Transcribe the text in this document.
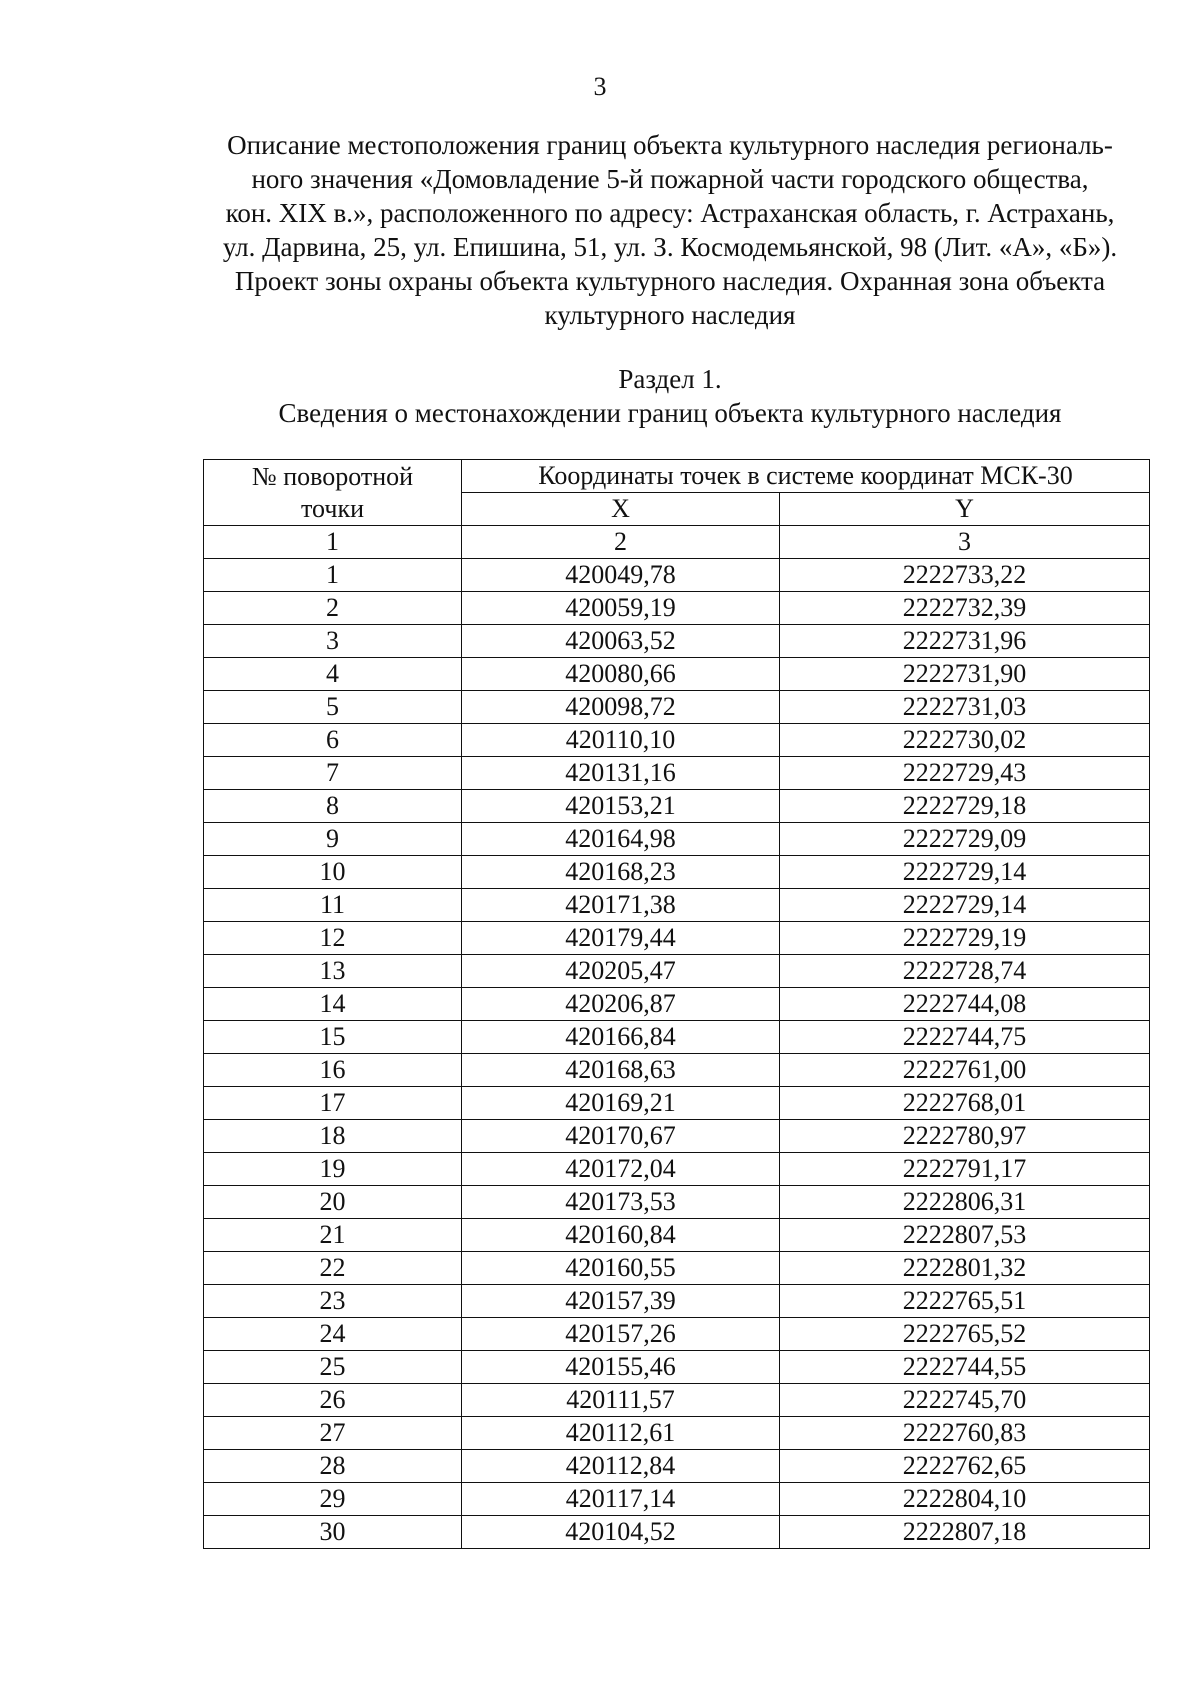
3
Описание местоположения границ объекта культурного наследия региональ-
ного значения «Домовладение 5-й пожарной части городского общества,
кон. XIX в.», расположенного по адресу: Астраханская область, г. Астрахань,
ул. Дарвина, 25, ул. Епишина, 51, ул. З. Космодемьянской, 98 (Лит. «А», «Б»).
Проект зоны охраны объекта культурного наследия. Охранная зона объекта
культурного наследия
Раздел 1.
Сведения о местонахождении границ объекта культурного наследия
№ поворотной
точки	Координаты точек в системе координат МСК-30	
	X	Y
1	2	3
1	420049,78	2222733,22
2	420059,19	2222732,39
3	420063,52	2222731,96
4	420080,66	2222731,90
5	420098,72	2222731,03
6	420110,10	2222730,02
7	420131,16	2222729,43
8	420153,21	2222729,18
9	420164,98	2222729,09
10	420168,23	2222729,14
11	420171,38	2222729,14
12	420179,44	2222729,19
13	420205,47	2222728,74
14	420206,87	2222744,08
15	420166,84	2222744,75
16	420168,63	2222761,00
17	420169,21	2222768,01
18	420170,67	2222780,97
19	420172,04	2222791,17
20	420173,53	2222806,31
21	420160,84	2222807,53
22	420160,55	2222801,32
23	420157,39	2222765,51
24	420157,26	2222765,52
25	420155,46	2222744,55
26	420111,57	2222745,70
27	420112,61	2222760,83
28	420112,84	2222762,65
29	420117,14	2222804,10
30	420104,52	2222807,18
